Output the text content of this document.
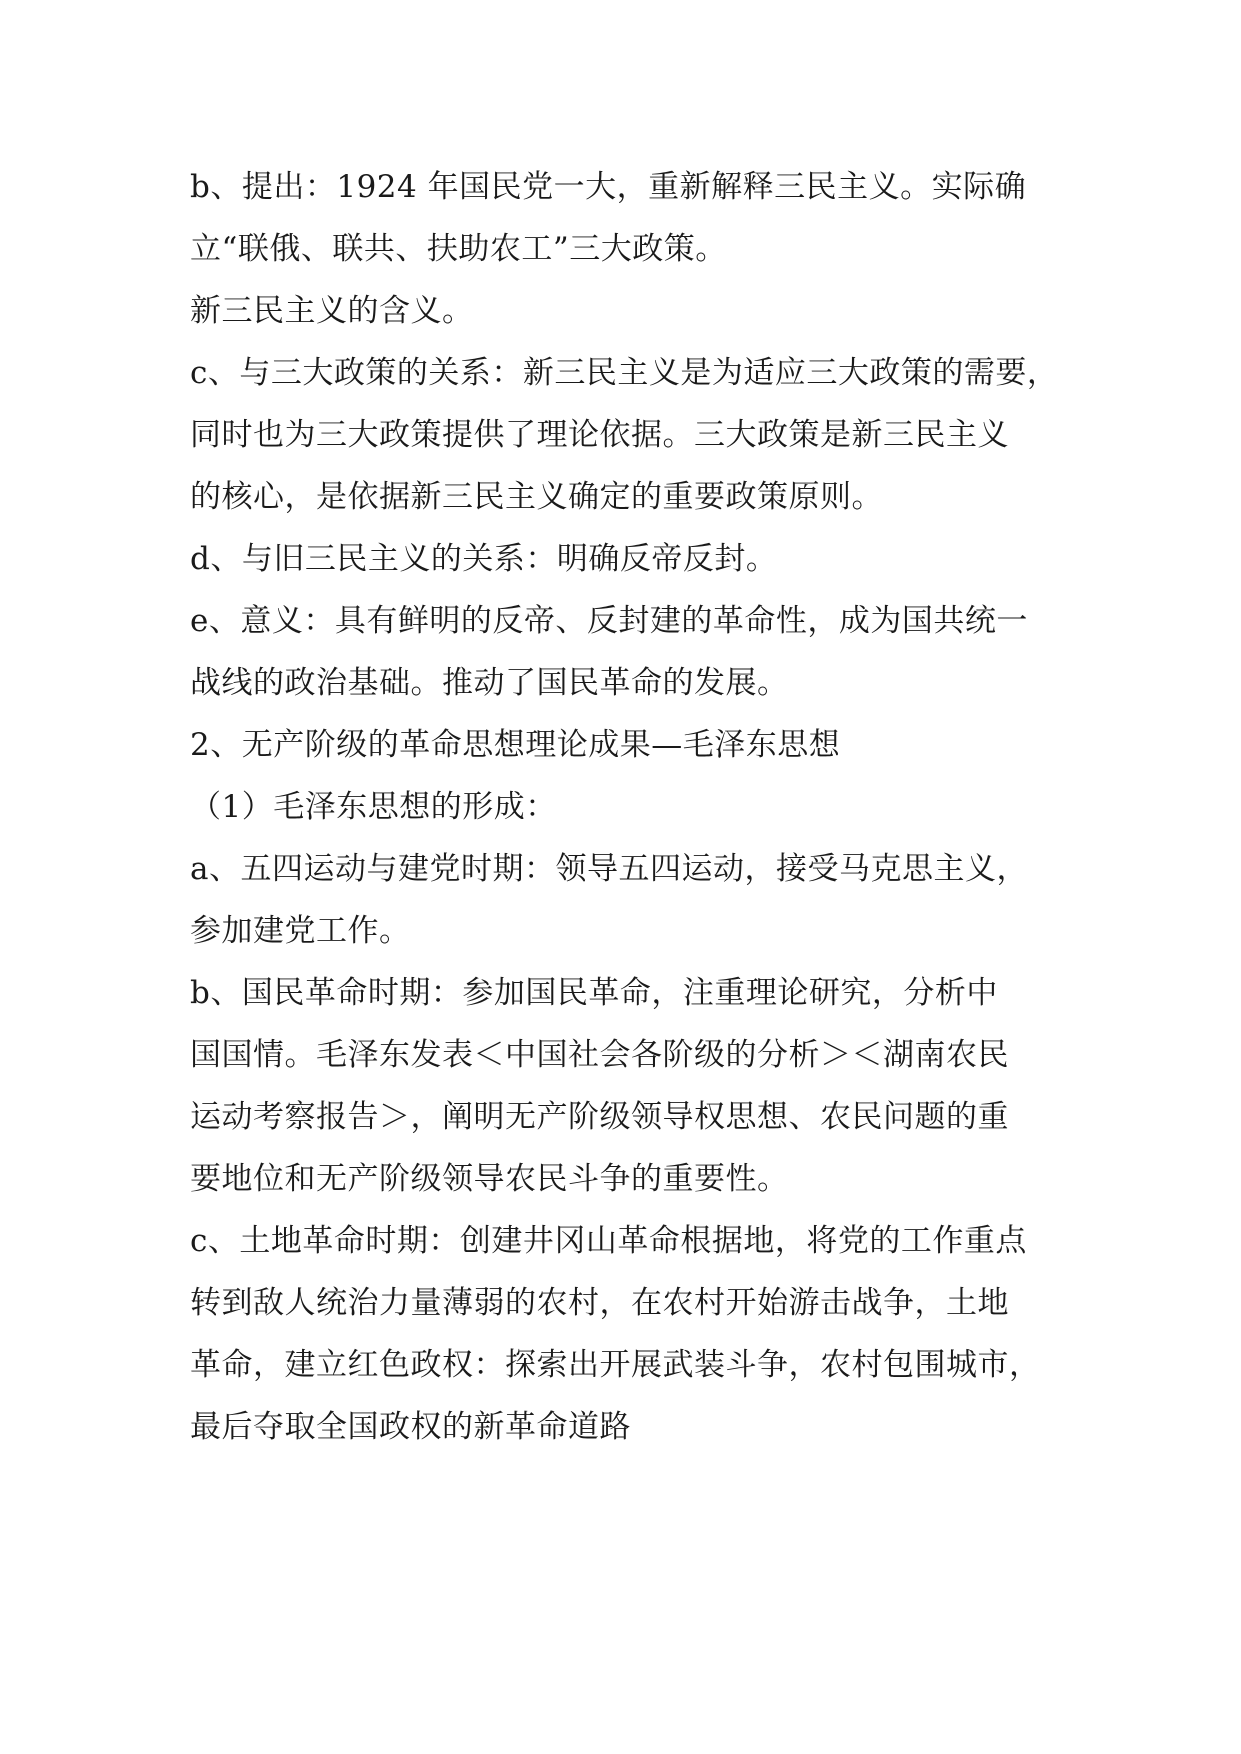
b、提出：1924 年国民党一大，重新解释三民主义。实际确
立“联俄、联共、扶助农工”三大政策。
新三民主义的含义。
c、与三大政策的关系：新三民主义是为适应三大政策的需要，
同时也为三大政策提供了理论依据。三大政策是新三民主义
的核心，是依据新三民主义确定的重要政策原则。
d、与旧三民主义的关系：明确反帝反封。
e、意义：具有鲜明的反帝、反封建的革命性，成为国共统一
战线的政治基础。推动了国民革命的发展。
2、无产阶级的革命思想理论成果—毛泽东思想
（1）毛泽东思想的形成：
a、五四运动与建党时期：领导五四运动，接受马克思主义，
参加建党工作。
b、国民革命时期：参加国民革命，注重理论研究，分析中
国国情。毛泽东发表＜中国社会各阶级的分析＞＜湖南农民
运动考察报告＞，阐明无产阶级领导权思想、农民问题的重
要地位和无产阶级领导农民斗争的重要性。
c、土地革命时期：创建井冈山革命根据地，将党的工作重点
转到敌人统治力量薄弱的农村，在农村开始游击战争，土地
革命，建立红色政权：探索出开展武装斗争，农村包围城市，
最后夺取全国政权的新革命道路
